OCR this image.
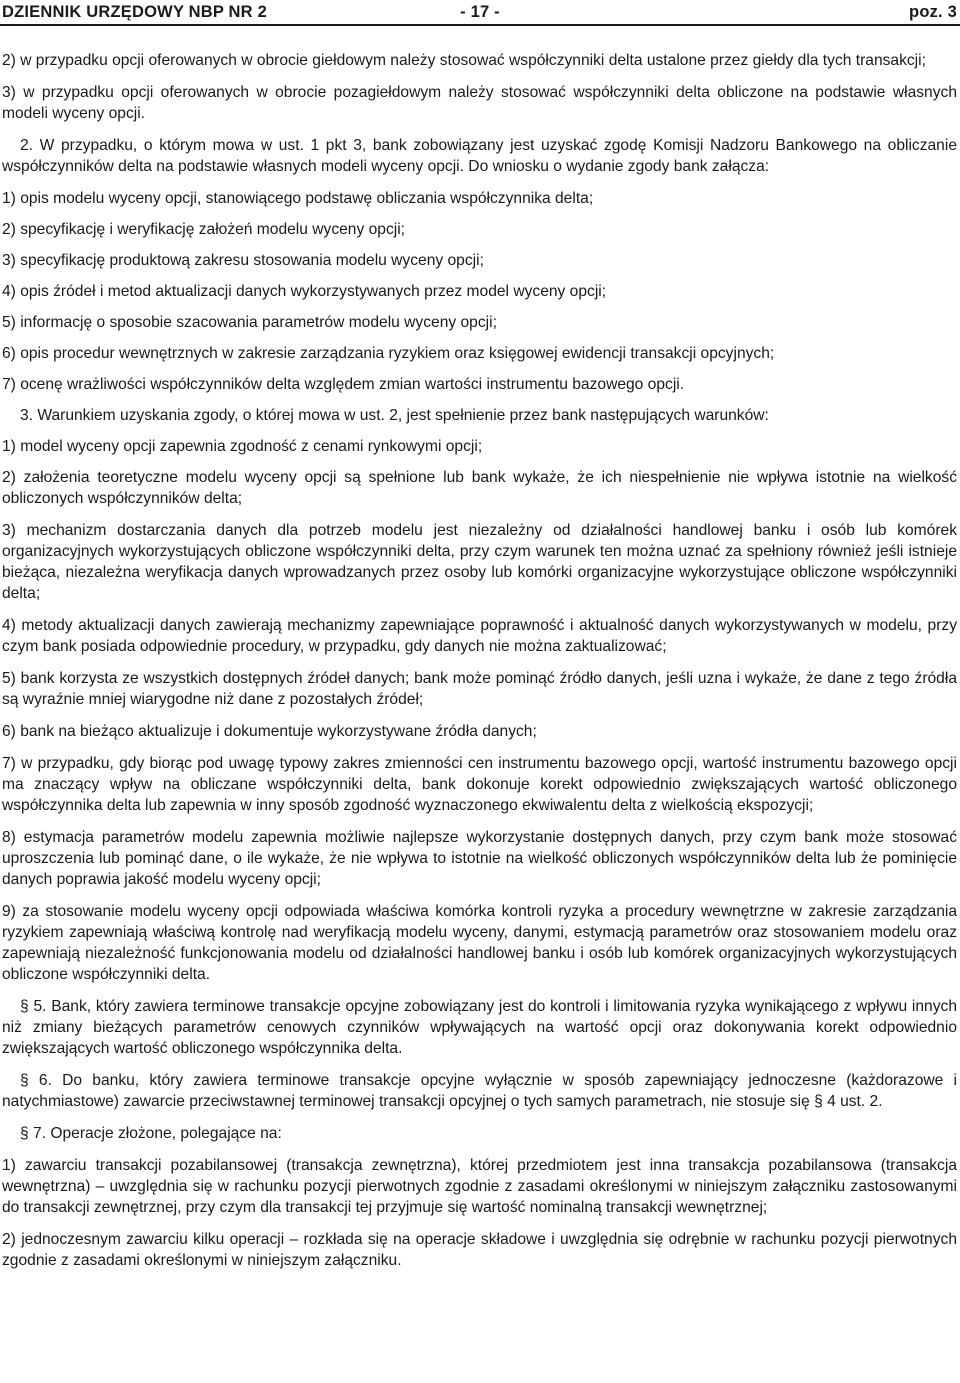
DZIENNIK URZĘDOWY NBP NR 2	- 17 -	poz. 3

2) w przypadku opcji oferowanych w obrocie giełdowym należy stosować współczynniki delta ustalone przez giełdy dla tych transakcji;

3) w przypadku opcji oferowanych w obrocie pozagiełdowym należy stosować współczynniki delta obliczone na podstawie własnych modeli wyceny opcji.

2. W przypadku, o którym mowa w ust. 1 pkt 3, bank zobowiązany jest uzyskać zgodę Komisji Nadzoru Bankowego na obliczanie współczynników delta na podstawie własnych modeli wyceny opcji. Do wniosku o wydanie zgody bank załącza:

1) opis modelu wyceny opcji, stanowiącego podstawę obliczania współczynnika delta;

2) specyfikację i weryfikację założeń modelu wyceny opcji;

3) specyfikację produktową zakresu stosowania modelu wyceny opcji;

4) opis źródeł i metod aktualizacji danych wykorzystywanych przez model wyceny opcji;

5) informację o sposobie szacowania parametrów modelu wyceny opcji;

6) opis procedur wewnętrznych w zakresie zarządzania ryzykiem oraz księgowej ewidencji transakcji opcyjnych;

7) ocenę wrażliwości współczynników delta względem zmian wartości instrumentu bazowego opcji.

3. Warunkiem uzyskania zgody, o której mowa w ust. 2, jest spełnienie przez bank następujących warunków:

1) model wyceny opcji zapewnia zgodność z cenami rynkowymi opcji;

2) założenia teoretyczne modelu wyceny opcji są spełnione lub bank wykaże, że ich niespełnienie nie wpływa istotnie na wielkość obliczonych współczynników delta;

3) mechanizm dostarczania danych dla potrzeb modelu jest niezależny od działalności handlowej banku i osób lub komórek organizacyjnych wykorzystujących obliczone współczynniki delta, przy czym warunek ten można uznać za spełniony również jeśli istnieje bieżąca, niezależna weryfikacja danych wprowadzanych przez osoby lub komórki organizacyjne wykorzystujące obliczone współczynniki delta;

4) metody aktualizacji danych zawierają mechanizmy zapewniające poprawność i aktualność danych wykorzystywanych w modelu, przy czym bank posiada odpowiednie procedury, w przypadku, gdy danych nie można zaktualizować;

5) bank korzysta ze wszystkich dostępnych źródeł danych; bank może pominąć źródło danych, jeśli uzna i wykaże, że dane z tego źródła są wyraźnie mniej wiarygodne niż dane z pozostałych źródeł;

6) bank na bieżąco aktualizuje i dokumentuje wykorzystywane źródła danych;

7) w przypadku, gdy biorąc pod uwagę typowy zakres zmienności cen instrumentu bazowego opcji, wartość instrumentu bazowego opcji ma znaczący wpływ na obliczane współczynniki delta, bank dokonuje korekt odpowiednio zwiększających wartość obliczonego współczynnika delta lub zapewnia w inny sposób zgodność wyznaczonego ekwiwalentu delta z wielkością ekspozycji;

8) estymacja parametrów modelu zapewnia możliwie najlepsze wykorzystanie dostępnych danych, przy czym bank może stosować uproszczenia lub pominąć dane, o ile wykaże, że nie wpływa to istotnie na wielkość obliczonych współczynników delta lub że pominięcie danych poprawia jakość modelu wyceny opcji;

9) za stosowanie modelu wyceny opcji odpowiada właściwa komórka kontroli ryzyka a procedury wewnętrzne w zakresie zarządzania ryzykiem zapewniają właściwą kontrolę nad weryfikacją modelu wyceny, danymi, estymacją parametrów oraz stosowaniem modelu oraz zapewniają niezależność funkcjonowania modelu od działalności handlowej banku i osób lub komórek organizacyjnych wykorzystujących obliczone współczynniki delta.

§ 5. Bank, który zawiera terminowe transakcje opcyjne zobowiązany jest do kontroli i limitowania ryzyka wynikającego z wpływu innych niż zmiany bieżących parametrów cenowych czynników wpływających na wartość opcji oraz dokonywania korekt odpowiednio zwiększających wartość obliczonego współczynnika delta.

§ 6. Do banku, który zawiera terminowe transakcje opcyjne wyłącznie w sposób zapewniający jednoczesne (każdorazowe i natychmiastowe) zawarcie przeciwstawnej terminowej transakcji opcyjnej o tych samych parametrach, nie stosuje się § 4 ust. 2.

§ 7. Operacje złożone, polegające na:

1) zawarciu transakcji pozabilansowej (transakcja zewnętrzna), której przedmiotem jest inna transakcja pozabilansowa (transakcja wewnętrzna) – uwzględnia się w rachunku pozycji pierwotnych zgodnie z zasadami określonymi w niniejszym załączniku zastosowanymi do transakcji zewnętrznej, przy czym dla transakcji tej przyjmuje się wartość nominalną transakcji wewnętrznej;

2) jednoczesnym zawarciu kilku operacji – rozkłada się na operacje składowe i uwzględnia się odrębnie w rachunku pozycji pierwotnych zgodnie z zasadami określonymi w niniejszym załączniku.
